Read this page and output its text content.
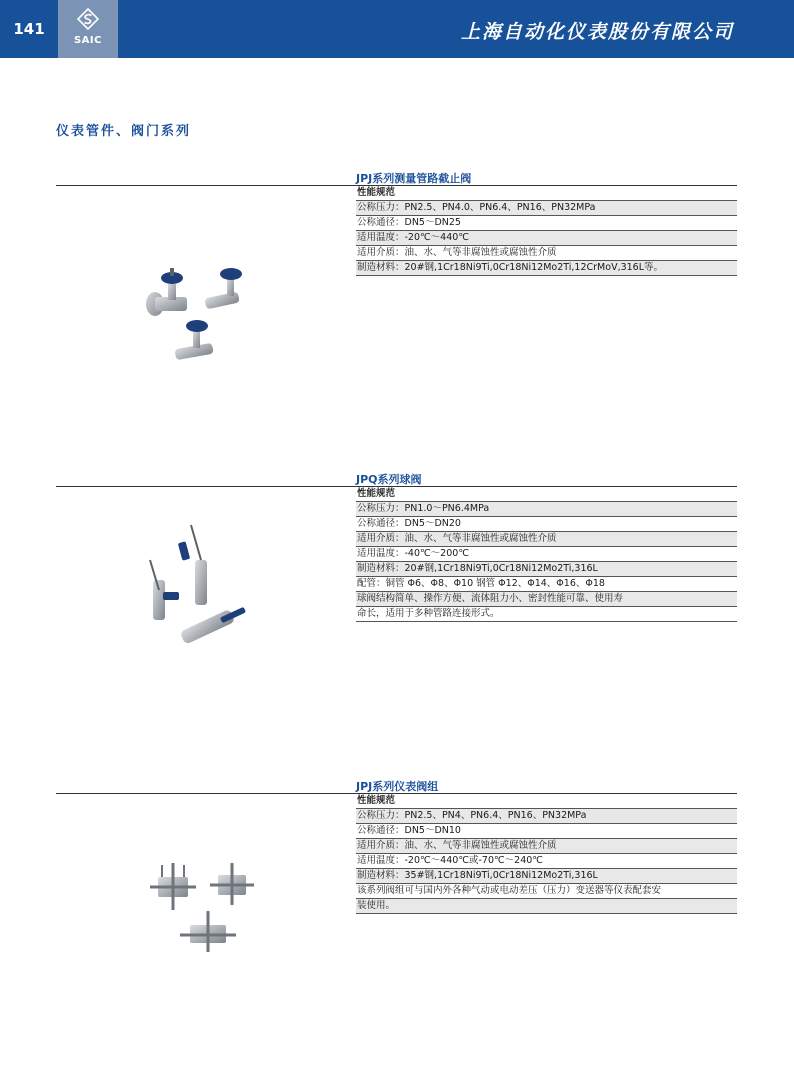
141
SAIC	上海自动化仪表股份有限公司
仪表管件、阀门系列
JPJ系列测量管路截止阀
性能规范
公称压力：PN2.5、PN4.0、PN6.4、PN16、PN32MPa
公称通径：DN5～DN25
适用温度：-20℃～440℃
适用介质：油、水、气等非腐蚀性或腐蚀性介质
制造材料：20#钢,1Cr18Ni9Ti,0Cr18Ni12Mo2Ti,12CrMoV,316L等。
JPQ系列球阀
性能规范
公称压力：PN1.0～PN6.4MPa
公称通径：DN5～DN20
适用介质：油、水、气等非腐蚀性或腐蚀性介质
适用温度：-40℃～200℃
制造材料：20#钢,1Cr18Ni9Ti,0Cr18Ni12Mo2Ti,316L
配管：铜管 Φ6、Φ8、Φ10 钢管 Φ12、Φ14、Φ16、Φ18
球阀结构简单、操作方便、流体阻力小、密封性能可靠、使用寿
命长，适用于多种管路连接形式。
JPJ系列仪表阀组
性能规范
公称压力：PN2.5、PN4、PN6.4、PN16、PN32MPa
公称通径：DN5～DN10
适用介质：油、水、气等非腐蚀性或腐蚀性介质
适用温度：-20℃～440℃或-70℃～240℃
制造材料：35#钢,1Cr18Ni9Ti,0Cr18Ni12Mo2Ti,316L
该系列阀组可与国内外各种气动或电动差压（压力）变送器等仪表配套安
装使用。
